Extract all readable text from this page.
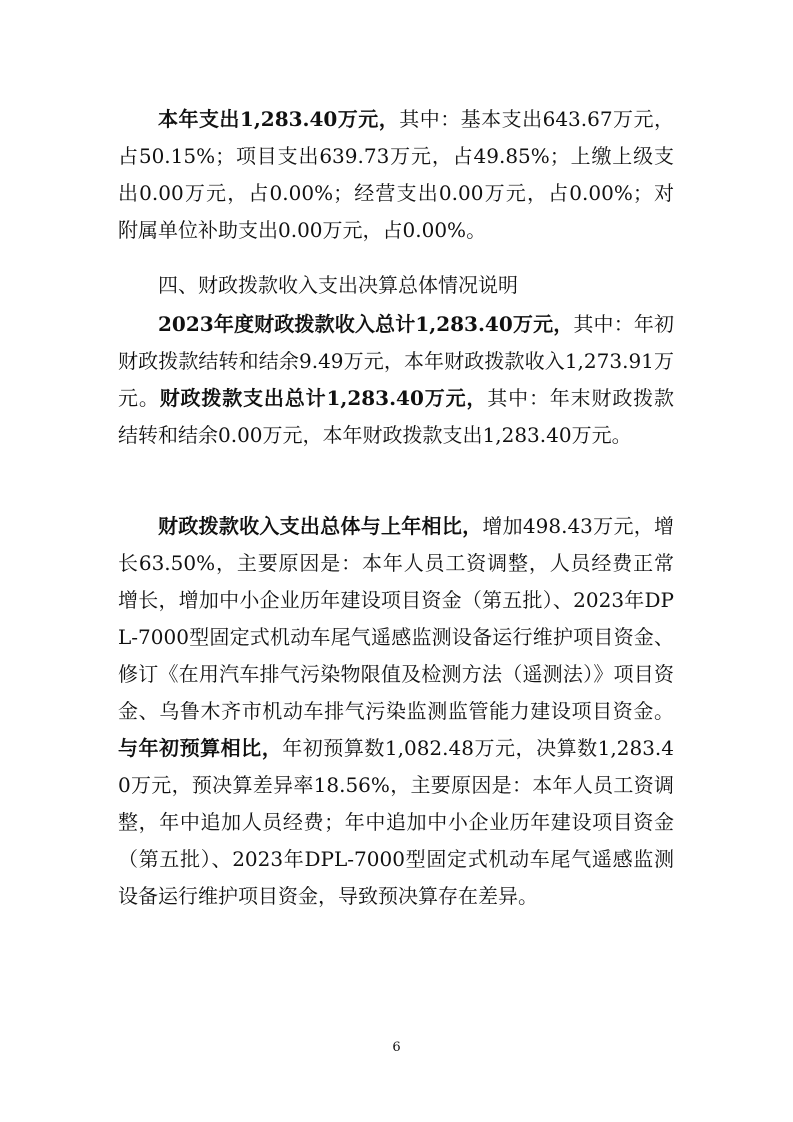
本年支出1,283.40万元，其中：基本支出643.67万元，占50.15%；项目支出639.73万元，占49.85%；上缴上级支出0.00万元，占0.00%；经营支出0.00万元，占0.00%；对附属单位补助支出0.00万元，占0.00%。

四、财政拨款收入支出决算总体情况说明

2023年度财政拨款收入总计1,283.40万元，其中：年初财政拨款结转和结余9.49万元，本年财政拨款收入1,273.91万元。财政拨款支出总计1,283.40万元，其中：年末财政拨款结转和结余0.00万元，本年财政拨款支出1,283.40万元。

财政拨款收入支出总体与上年相比，增加498.43万元，增长63.50%，主要原因是：本年人员工资调整，人员经费正常增长，增加中小企业历年建设项目资金（第五批）、2023年DPL-7000型固定式机动车尾气遥感监测设备运行维护项目资金、修订《在用汽车排气污染物限值及检测方法（遥测法）》项目资金、乌鲁木齐市机动车排气污染监测监管能力建设项目资金。与年初预算相比，年初预算数1,082.48万元，决算数1,283.40万元，预决算差异率18.56%，主要原因是：本年人员工资调整，年中追加人员经费；年中追加中小企业历年建设项目资金（第五批）、2023年DPL-7000型固定式机动车尾气遥感监测设备运行维护项目资金，导致预决算存在差异。

6
